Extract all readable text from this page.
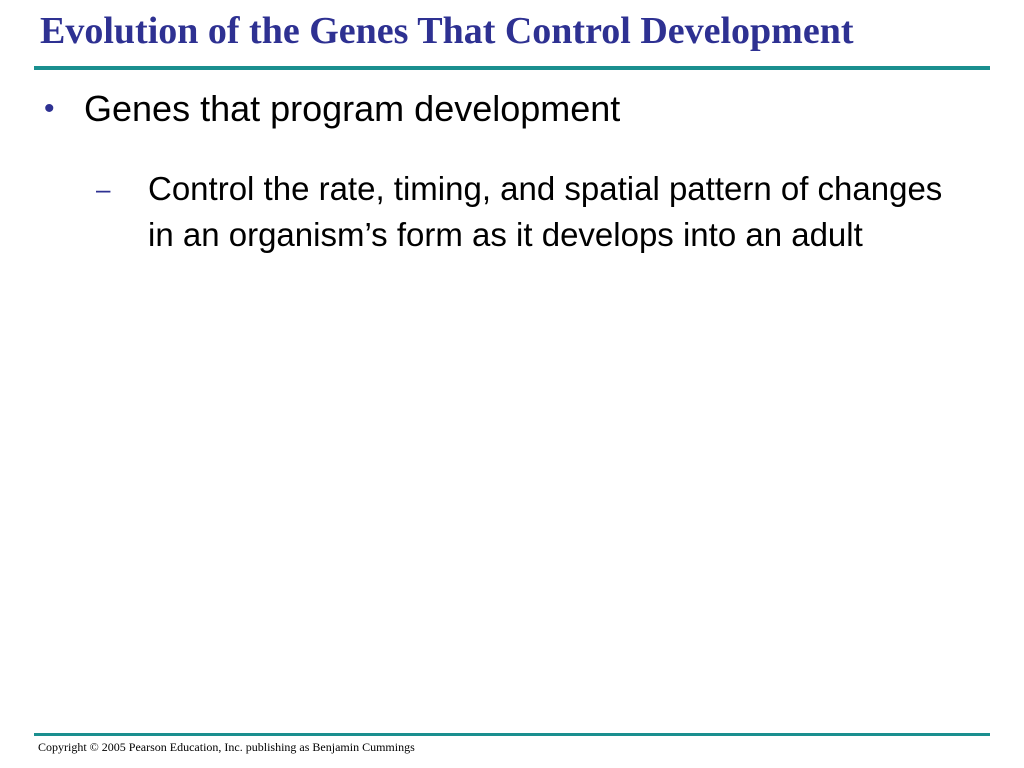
Evolution of the Genes That Control Development
• Genes that program development
– Control the rate, timing, and spatial pattern of changes in an organism’s form as it develops into an adult
Copyright © 2005 Pearson Education, Inc. publishing as Benjamin Cummings
